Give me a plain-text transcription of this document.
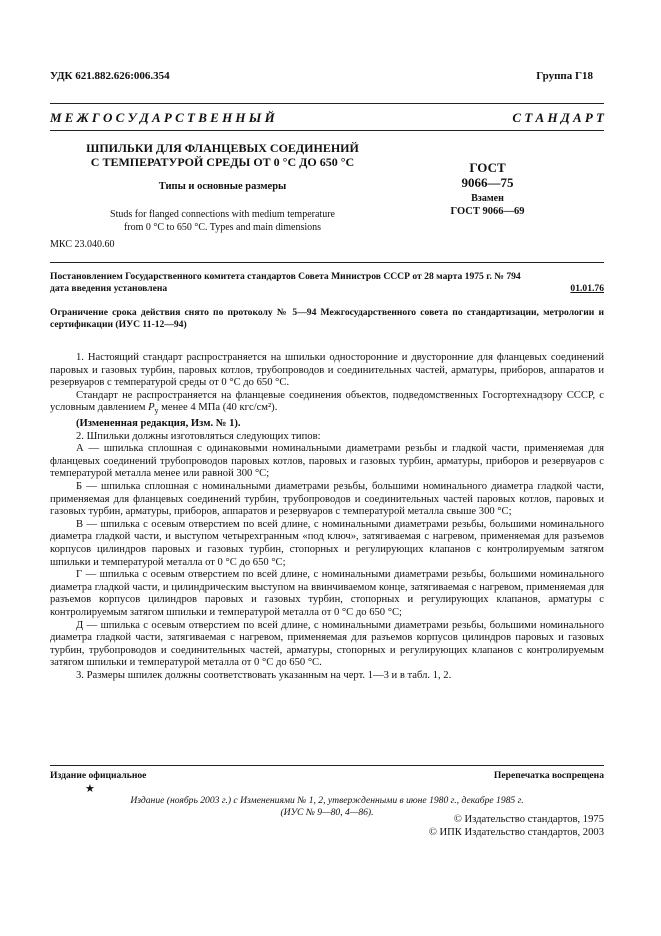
УДК 621.882.626:006.354	Группа Г18
М Е Ж Г О С У Д А Р С Т В Е Н Н Ы Й	С Т А Н Д А Р Т
ШПИЛЬКИ ДЛЯ ФЛАНЦЕВЫХ СОЕДИНЕНИЙ
С ТЕМПЕРАТУРОЙ СРЕДЫ ОТ 0 °С ДО 650 °С
Типы и основные размеры
Studs for flanged connections with medium temperature
from 0 °C to 650 °C. Types and main dimensions
ГОСТ
9066—75
Взамен
ГОСТ 9066—69
МКС 23.040.60
Постановлением Государственного комитета стандартов Совета Министров СССР от 28 марта 1975 г. № 794
дата введения установлена	01.01.76
Ограничение срока действия снято по протоколу № 5—94 Межгосударственного совета по стандартизации, метрологии и сертификации (ИУС 11-12—94)

1. Настоящий стандарт распространяется на шпильки односторонние и двусторонние для фланцевых соединений паровых и газовых турбин, паровых котлов, трубопроводов и соединительных частей, арматуры, приборов, аппаратов и резервуаров с температурой среды от 0 °С до 650 °С.

Стандарт не распространяется на фланцевые соединения объектов, подведомственных Госгортехнадзору СССР, с условным давлением $P_y$ менее 4 МПа (40 кгс/см²).

(Измененная редакция, Изм. № 1).

2. Шпильки должны изготовляться следующих типов:

А — шпилька сплошная с одинаковыми номинальными диаметрами резьбы и гладкой части, применяемая для фланцевых соединений трубопроводов паровых котлов, паровых и газовых турбин, арматуры, приборов и резервуаров с температурой металла менее или равной 300 °С;

Б — шпилька сплошная с номинальными диаметрами резьбы, большими номинального диаметра гладкой части, применяемая для фланцевых соединений турбин, трубопроводов и соединительных частей паровых котлов, паровых и газовых турбин, арматуры, приборов, аппаратов и резервуаров с температурой металла свыше 300 °С;

В — шпилька с осевым отверстием по всей длине, с номинальными диаметрами резьбы, большими номинального диаметра гладкой части, и выступом четырехгранным «под ключ», затягиваемая с нагревом, применяемая для разъемов корпусов цилиндров паровых и газовых турбин, стопорных и регулирующих клапанов с контролируемым затягом шпильки и температурой металла от 0 °С до 650 °С;

Г — шпилька с осевым отверстием по всей длине, с номинальными диаметрами резьбы, большими номинального диаметра гладкой части, и цилиндрическим выступом на ввинчиваемом конце, затягиваемая с нагревом, применяемая для разъемов корпусов цилиндров паровых и газовых турбин, стопорных и регулирующих клапанов, арматуры с контролируемым затягом шпильки и температурой металла от 0 °С до 650 °С;

Д — шпилька с осевым отверстием по всей длине, с номинальными диаметрами резьбы, большими номинального диаметра гладкой части, затягиваемая с нагревом, применяемая для разъемов корпусов цилиндров паровых и газовых турбин, трубопроводов и соединительных частей, арматуры, стопорных и регулирующих клапанов с контролируемым затягом шпильки и температурой металла от 0 °С до 650 °С.

3. Размеры шпилек должны соответствовать указанным на черт. 1—3 и в табл. 1, 2.

Издание официальное	Перепечатка воспрещена
★
Издание (ноябрь 2003 г.) с Изменениями № 1, 2, утвержденными в июне 1980 г., декабре 1985 г.
(ИУС № 9—80, 4—86).
© Издательство стандартов, 1975
© ИПК Издательство стандартов, 2003
